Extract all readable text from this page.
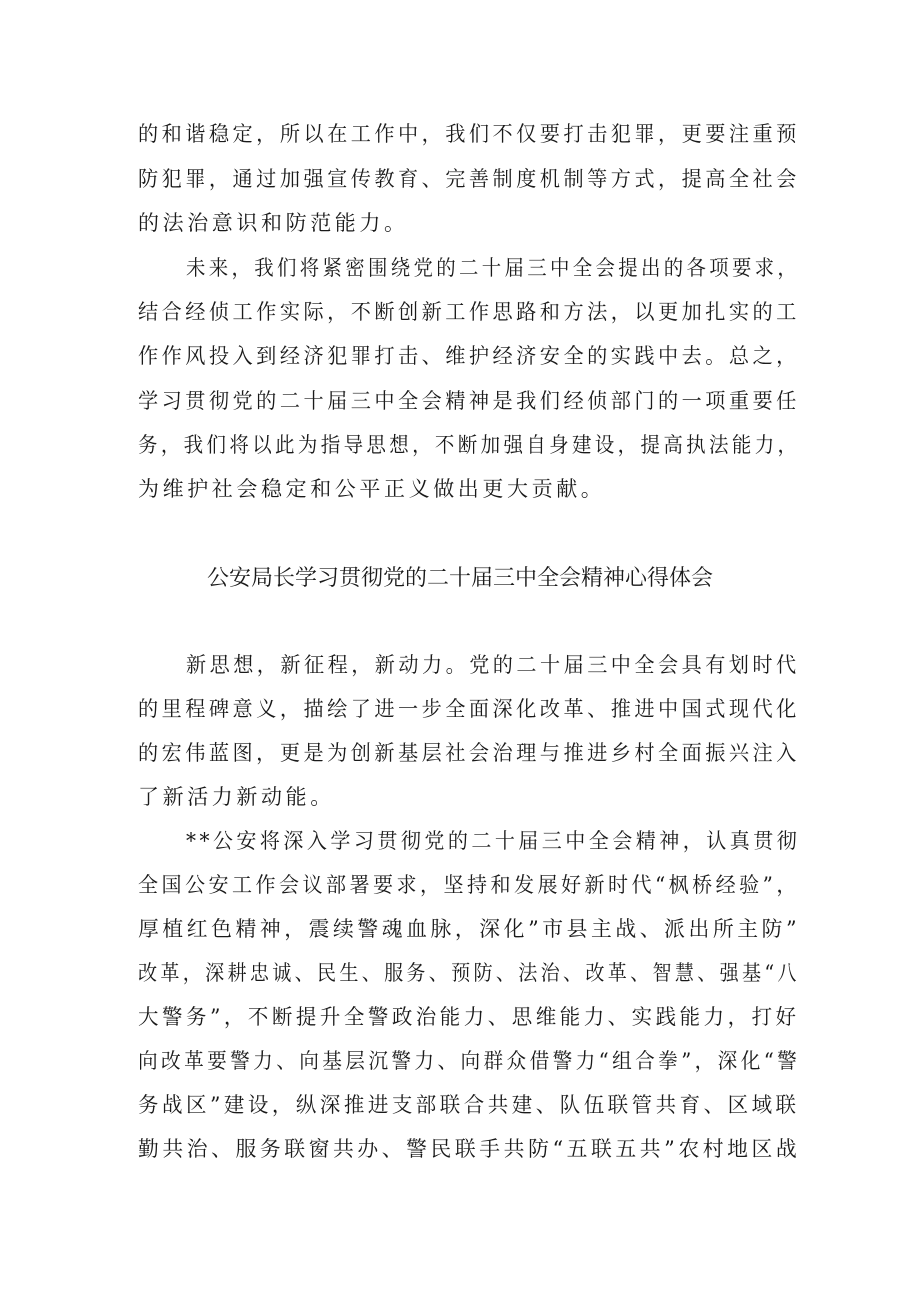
的和谐稳定，所以在工作中，我们不仅要打击犯罪，更要注重预
防犯罪，通过加强宣传教育、完善制度机制等方式，提高全社会
的法治意识和防范能力。
未来，我们将紧密围绕党的二十届三中全会提出的各项要求，
结合经侦工作实际，不断创新工作思路和方法，以更加扎实的工
作作风投入到经济犯罪打击、维护经济安全的实践中去。总之，
学习贯彻党的二十届三中全会精神是我们经侦部门的一项重要任
务，我们将以此为指导思想，不断加强自身建设，提高执法能力，
为维护社会稳定和公平正义做出更大贡献。
公安局长学习贯彻党的二十届三中全会精神心得体会
新思想，新征程，新动力。党的二十届三中全会具有划时代
的里程碑意义，描绘了进一步全面深化改革、推进中国式现代化
的宏伟蓝图，更是为创新基层社会治理与推进乡村全面振兴注入
了新活力新动能。
**公安将深入学习贯彻党的二十届三中全会精神，认真贯彻
全国公安工作会议部署要求，坚持和发展好新时代“枫桥经验”，
厚植红色精神，震续警魂血脉，深化”市县主战、派出所主防”
改革，深耕忠诚、民生、服务、预防、法治、改革、智慧、强基“八
大警务”，不断提升全警政治能力、思维能力、实践能力，打好
向改革要警力、向基层沉警力、向群众借警力“组合拳”，深化“警
务战区”建设，纵深推进支部联合共建、队伍联管共育、区域联
勤共治、服务联窗共办、警民联手共防“五联五共”农村地区战
